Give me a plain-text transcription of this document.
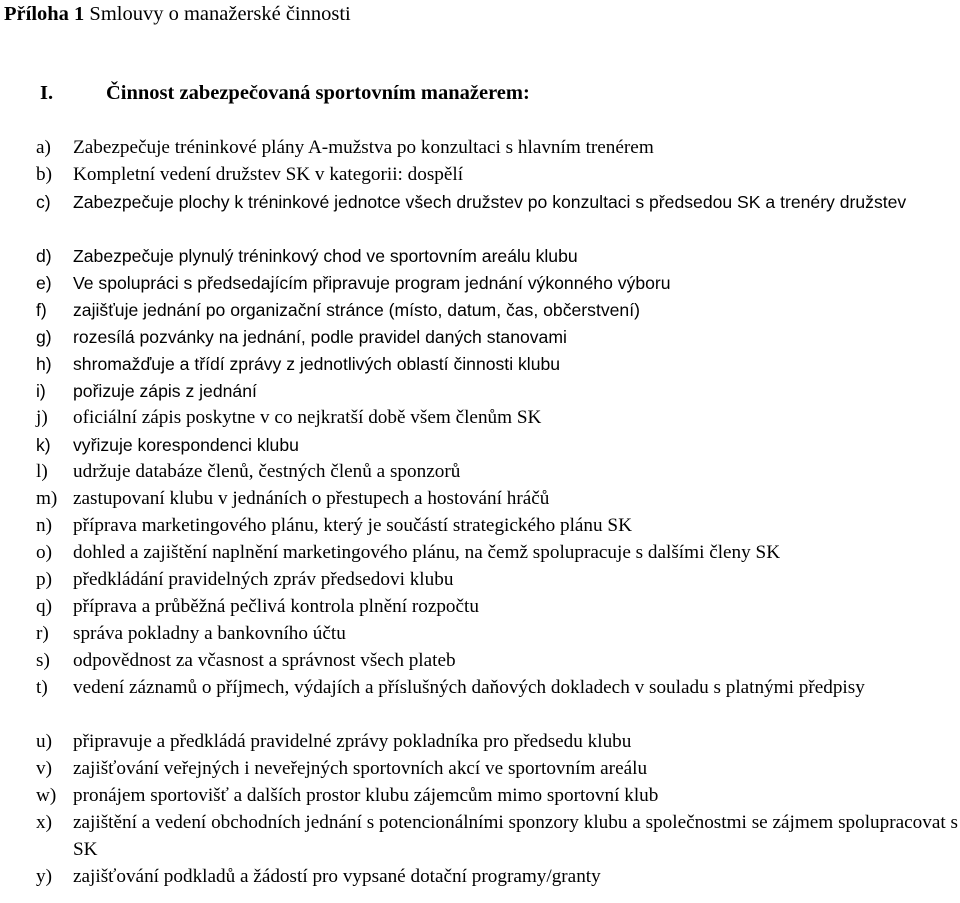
Příloha 1 Smlouvy o manažerské činnosti
I.	Činnost zabezpečovaná sportovním manažerem:
a) Zabezpečuje tréninkové plány A-mužstva po konzultaci s hlavním trenérem
b) Kompletní vedení družstev SK v kategorii: dospělí
c) Zabezpečuje plochy k tréninkové jednotce všech družstev po konzultaci s předsedou SK a trenéry družstev
d) Zabezpečuje plynulý tréninkový chod ve sportovním areálu klubu
e) Ve spolupráci s předsedajícím připravuje program jednání výkonného výboru
f) zajišťuje jednání po organizační stránce (místo, datum, čas, občerstvení)
g) rozesílá pozvánky na jednání, podle pravidel daných stanovami
h) shromažďuje a třídí zprávy z jednotlivých oblastí činnosti klubu
i) pořizuje zápis z jednání
j) oficiální zápis poskytne v co nejkratší době všem členům SK
k) vyřizuje korespondenci klubu
l) udržuje databáze členů, čestných členů a sponzorů
m) zastupovaní klubu v jednáních o přestupech a hostování hráčů
n) příprava marketingového plánu, který je součástí strategického plánu SK
o) dohled a zajištění naplnění marketingového plánu, na čemž spolupracuje s dalšími členy SK
p) předkládání pravidelných zpráv předsedovi klubu
q) příprava a průběžná pečlivá kontrola plnění rozpočtu
r) správa pokladny a bankovního účtu
s) odpovědnost za včasnost a správnost všech plateb
t) vedení záznamů o příjmech, výdajích a příslušných daňových dokladech v souladu s platnými předpisy
u) připravuje a předkládá pravidelné zprávy pokladníka pro předsedu klubu
v) zajišťování veřejných i neveřejných sportovních akcí ve sportovním areálu
w) pronájem sportovišť a dalších prostor klubu zájemcům mimo sportovní klub
x) zajištění a vedení obchodních jednání s potencionálními sponzory klubu a společnostmi se zájmem spolupracovat s SK
y) zajišťování podkladů a žádostí pro vypsané dotační programy/granty
